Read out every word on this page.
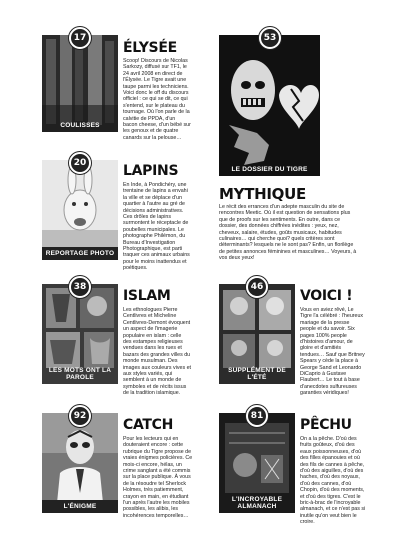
COULISSES
17
ÉLYSÉE
Scoop! Discours de Nicolas Sarkozy, diffusé sur TF1, le 24 avril 2008 en direct de l'Élysée. Le Tigre avait une taupe parmi les techniciens. Voici donc le off du discours officiel : ce qui se dit, ce qui s'entend, sur le plateau du tournage. Où l'on parle de la calvitie de PPDA, d'un bacon cheese, d'un bébé sur les genoux et de quatre canards sur la pelouse…
LE DOSSIER DU TIGRE
53
MYTHIQUE
Le récit des errances d'un adepte masculin du site de rencontres Meetic. Où il est question de sensations plus que de proofs sur les sentiments. En outre, dans ce dossier, des données chiffrées inédites : yeux, nez, cheveux, salaire, études, goûts musicaux, habitudes culinaires… qui cherche quoi? quels critères sont déterminants? lesquels ne le sont pas? Enfin, un florilège de petites annonces féminines et masculines… Voyeurs, à vos deux yeux!
REPORTAGE PHOTO
20	LAPINS
En Inde, à Pondichéry, une trentaine de lapins a envahi la ville et se déplace d'un quartier à l'autre au gré de décisions administratives. Ces drôles de lapins surmontent le réceptacle de poubelles municipales. Le photographe Philémon, du Bureau d'Investigation Photographique, est parti traquer ces animaux urbains pour le moins inattendus et poétiques.
LES MOTS ONT LA PAROLE
38
ISLAM
Les ethnologues Pierre Centlivres et Micheline Centlivres-Demont évoquent un aspect de l'imagerie populaire en islam : celle des estampes religieuses vendues dans les rues et bazars des grandes villes du monde musulman. Des images aux couleurs vives et aux styles variés, qui semblent à un monde de symboles et de récits issus de la tradition islamique.
SUPPLÉMENT DE L'ÉTÉ
46
VOICI !
Vous en aviez rêvé, Le Tigre l'a célébré : l'heureux mariage de la presse people et du savoir. Six pages 100% people d'histoires d'amour, de gloire et d'amitiés tendues… Sauf que Britney Spears y cède la place à George Sand et Leonardo DiCaprio à Gustave Flaubert… Le tout à base d'anecdotes sulfureuses garanties véridiques!
L'ÉNIGME
92
CATCH
Pour les lecteurs qui en douteraient encore : cette rubrique du Tigre propose de vraies énigmes policières. Ce mois-ci encore, hélas, un crime sanglant a été commis sur la place publique. À vous de la résoudre tel Sherlock Holmes, très patiemment, crayon en main, en étudiant l'un après l'autre les mobiles possibles, les alibis, les incohérences temporelles…
L'INCROYABLE ALMANACH
81
PÊCHU
On a la pêche. D'où des fruits goûteux, d'où des eaux poissonneuses, d'où des filles épanouies et où des fils de cannes à pêche, d'où des aiguilles, d'où des haches, d'où des noyaux, d'où des cannes, d'où Chopin, d'où des moments, et d'où des tigres. C'est le bric-à-brac de l'incroyable almanach, et ce n'est pas si inutile qu'on veut bien le croire.
